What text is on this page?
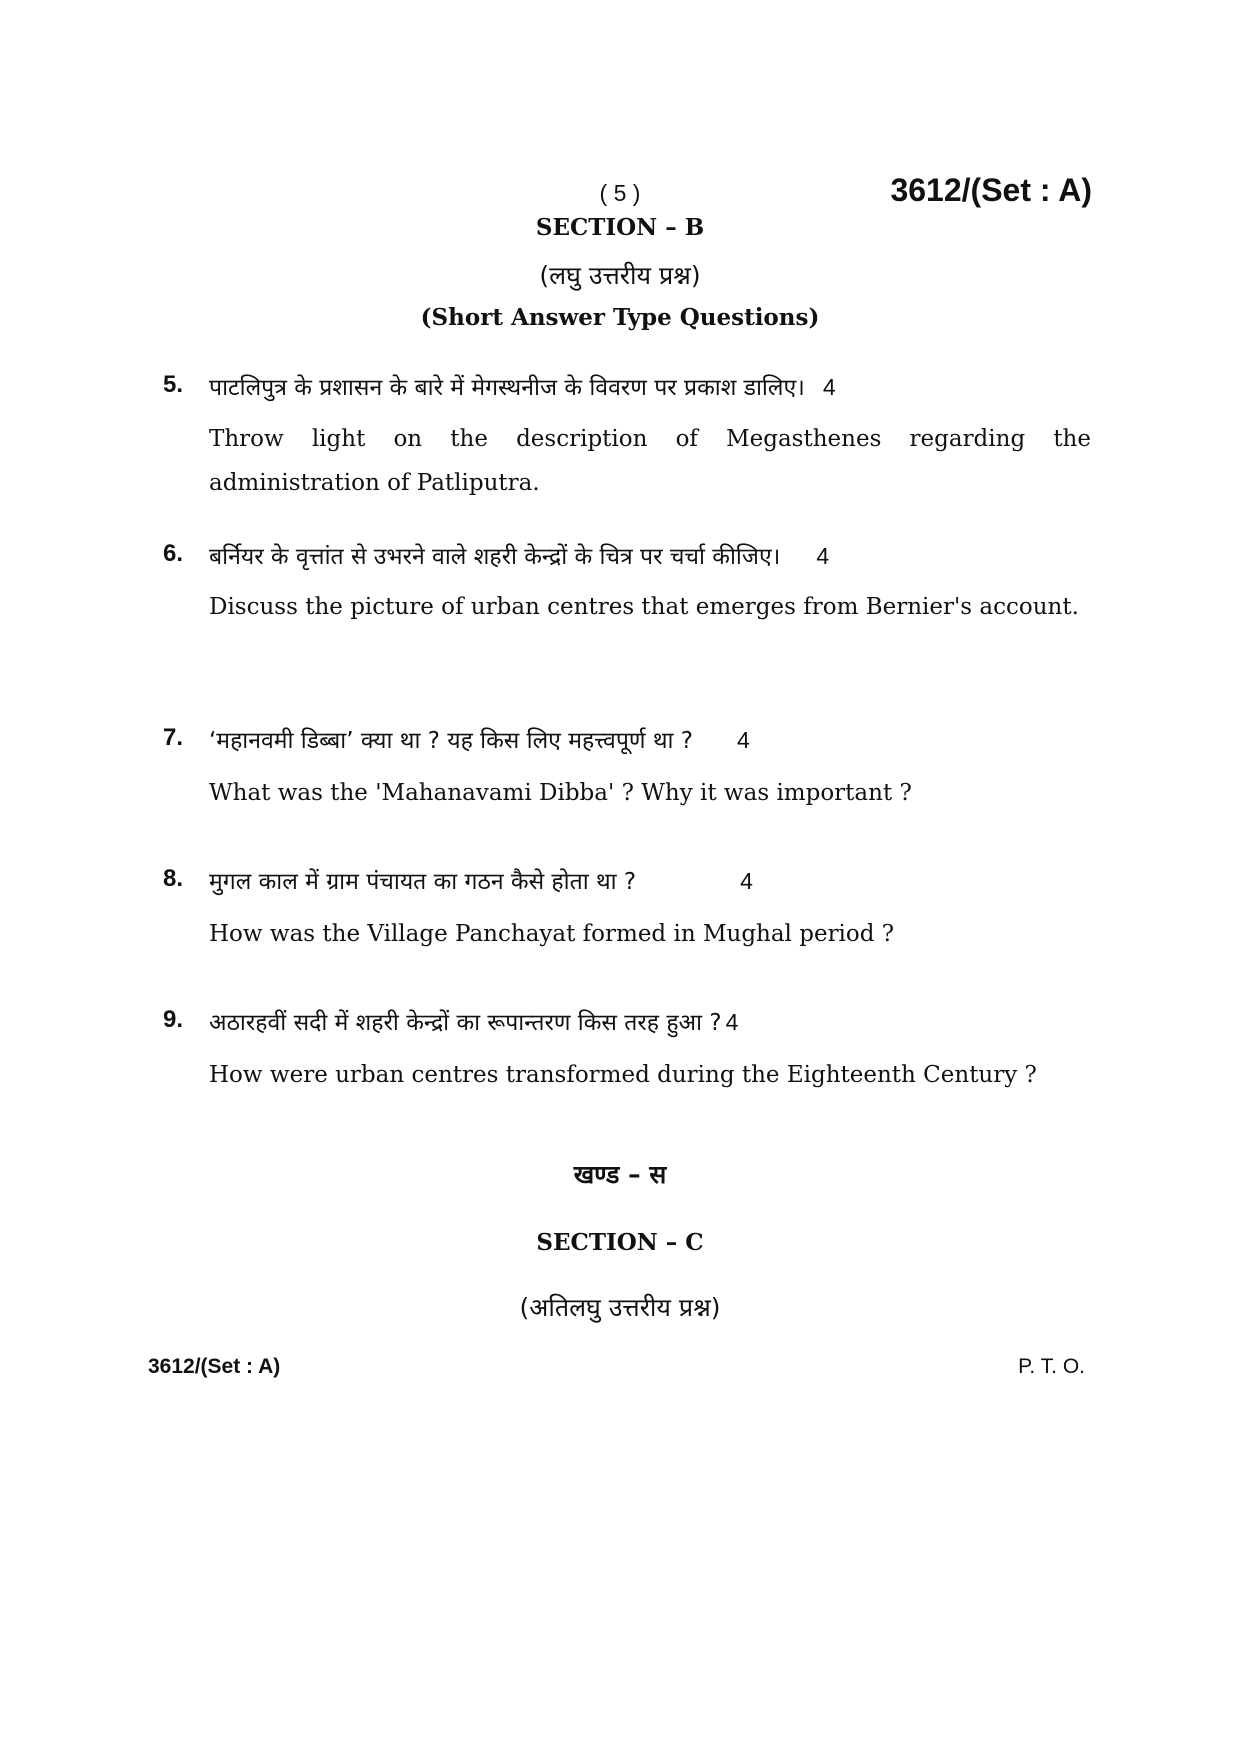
( 5 )	3612/(Set : A)
SECTION – B
(लघु उत्तरीय प्रश्न)
(Short Answer Type Questions)
5. पाटलिपुत्र के प्रशासन के बारे में मेगस्थनीज के विवरण पर प्रकाश डालिए। 4
Throw light on the description of Megasthenes regarding the administration of Patliputra.
6. बर्नियर के वृत्तांत से उभरने वाले शहरी केन्द्रों के चित्र पर चर्चा कीजिए। 4
Discuss the picture of urban centres that emerges from Bernier's account.
7. ‘महानवमी डिब्बा’ क्या था ? यह किस लिए महत्त्वपूर्ण था ? 4
What was the 'Mahanavami Dibba' ? Why it was important ?
8. मुगल काल में ग्राम पंचायत का गठन कैसे होता था ?	4
How was the Village Panchayat formed in Mughal period ?
9. अठारहवीं सदी में शहरी केन्द्रों का रूपान्तरण किस तरह हुआ ? 4
How were urban centres transformed during the Eighteenth Century ?
खण्ड – स
SECTION – C
(अतिलघु उत्तरीय प्रश्न)
3612/(Set : A)	P. T. O.
